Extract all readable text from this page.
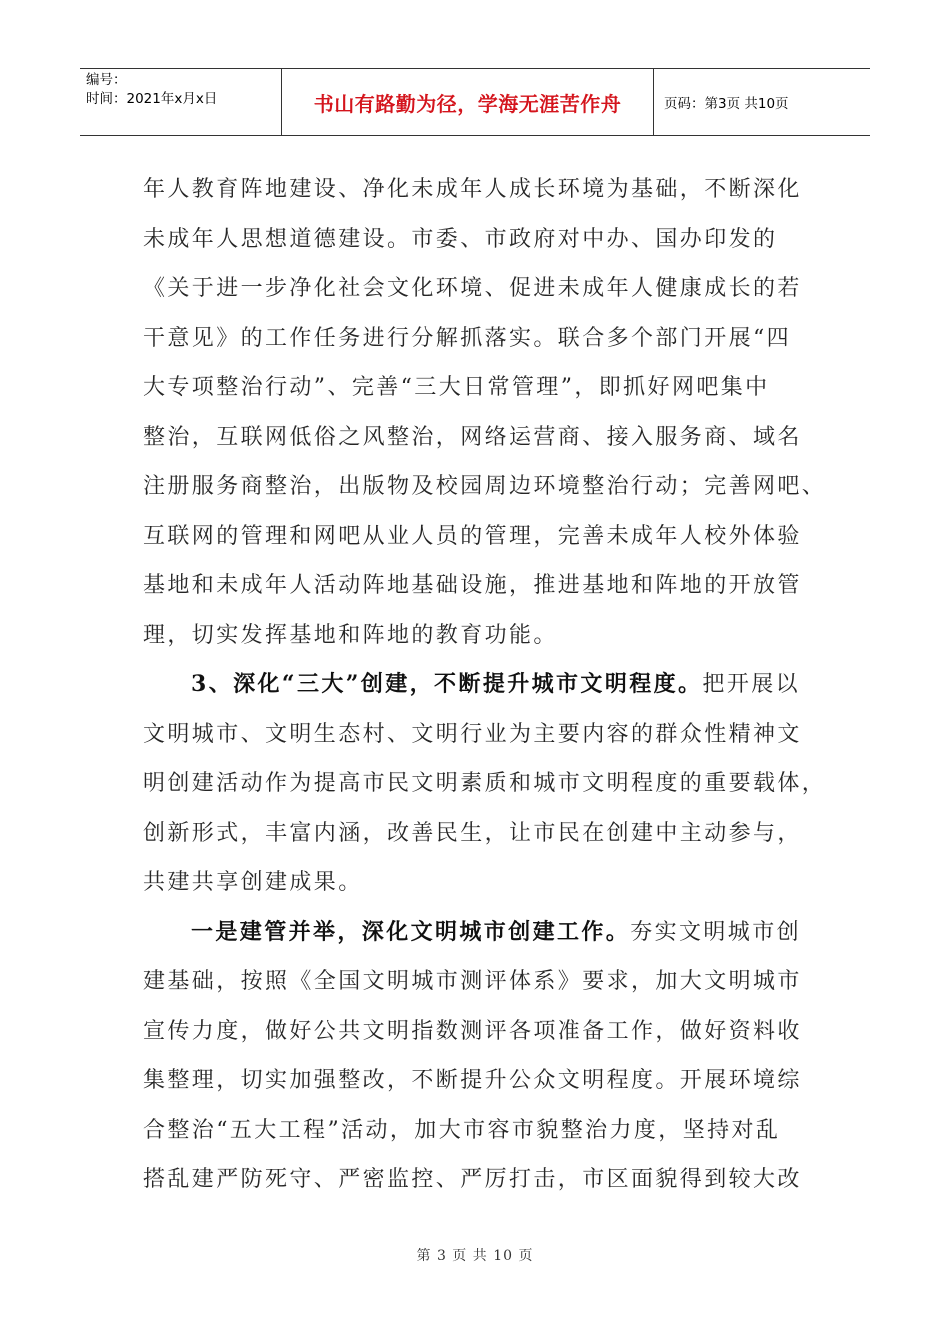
编号：
时间：2021年x月x日	书山有路勤为径，学海无涯苦作舟	页码：第3页 共10页

年人教育阵地建设、净化未成年人成长环境为基础，不断深化
未成年人思想道德建设。市委、市政府对中办、国办印发的
《关于进一步净化社会文化环境、促进未成年人健康成长的若
干意见》的工作任务进行分解抓落实。联合多个部门开展“四
大专项整治行动”、完善“三大日常管理”，即抓好网吧集中
整治，互联网低俗之风整治，网络运营商、接入服务商、域名
注册服务商整治，出版物及校园周边环境整治行动；完善网吧、
互联网的管理和网吧从业人员的管理，完善未成年人校外体验
基地和未成年人活动阵地基础设施，推进基地和阵地的开放管
理，切实发挥基地和阵地的教育功能。

3、深化“三大”创建，不断提升城市文明程度。把开展以
文明城市、文明生态村、文明行业为主要内容的群众性精神文
明创建活动作为提高市民文明素质和城市文明程度的重要载体，
创新形式，丰富内涵，改善民生，让市民在创建中主动参与，
共建共享创建成果。

一是建管并举，深化文明城市创建工作。夯实文明城市创
建基础，按照《全国文明城市测评体系》要求，加大文明城市
宣传力度，做好公共文明指数测评各项准备工作，做好资料收
集整理，切实加强整改，不断提升公众文明程度。开展环境综
合整治“五大工程”活动，加大市容市貌整治力度，坚持对乱
搭乱建严防死守、严密监控、严厉打击，市区面貌得到较大改

第 3 页 共 10 页
